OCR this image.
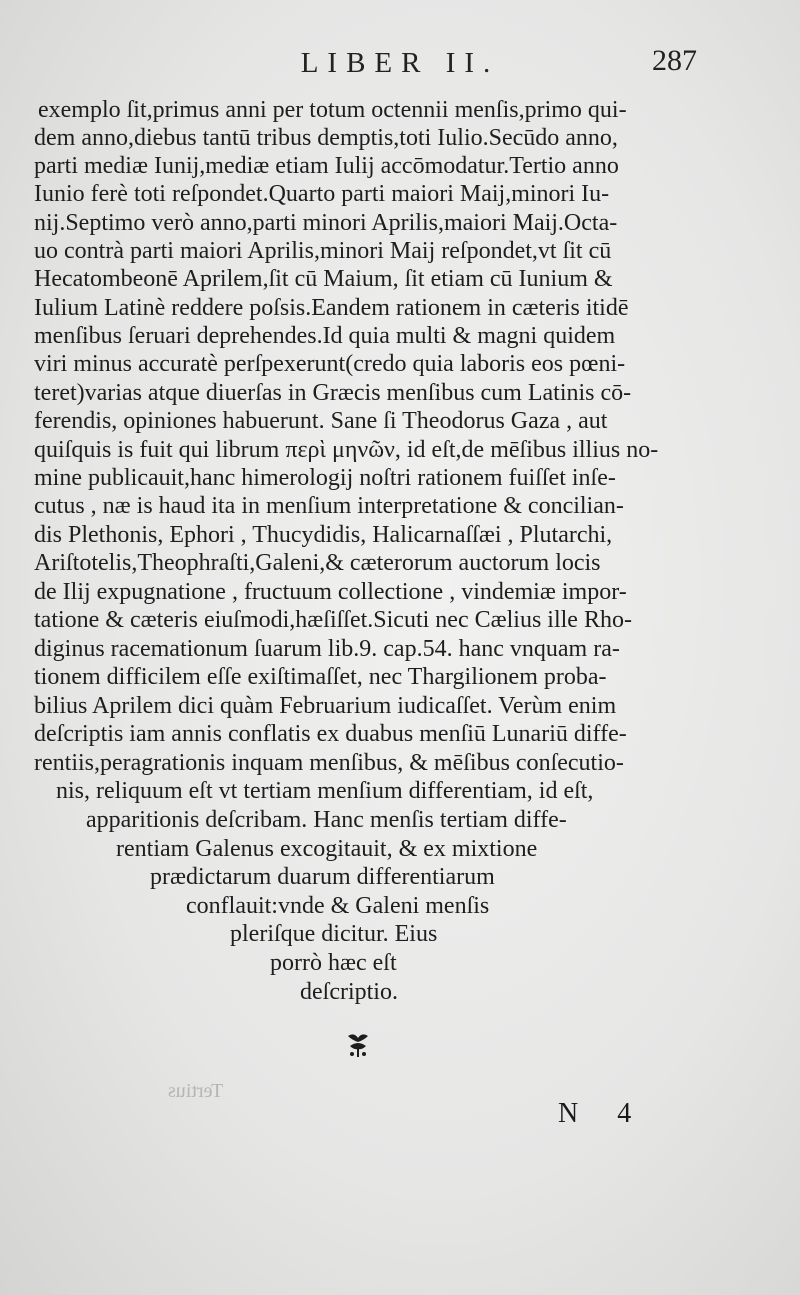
LIBER II.	287
exemplo ſit,primus anni per totum octennii menſis,primo qui-
dem anno,diebus tantū tribus demptis,toti Iulio.Secūdo anno,
parti mediæ Iunij,mediæ etiam Iulij accōmodatur.Tertio anno
Iunio ferè toti reſpondet.Quarto parti maiori Maij,minori Iu-
nij.Septimo verò anno,parti minori Aprilis,maiori Maij.Octa-
uo contrà parti maiori Aprilis,minori Maij reſpondet,vt ſit cū
Hecatombeonē Aprilem,ſit cū Maium, ſit etiam cū Iunium &
Iulium Latinè reddere poſsis.Eandem rationem in cæteris itidē
menſibus ſeruari deprehendes.Id quia multi & magni quidem
viri minus accuratè perſpexerunt(credo quia laboris eos pœni-
teret)varias atque diuerſas in Græcis menſibus cum Latinis cō-
ferendis, opiniones habuerunt. Sane ſi Theodorus Gaza , aut
quiſquis is fuit qui librum περὶ μηνῶν, id eſt,de mēſibus illius no-
mine publicauit,hanc himerologij noſtri rationem fuiſſet inſe-
cutus , næ is haud ita in menſium interpretatione & concilian-
dis Plethonis, Ephori , Thucydidis, Halicarnaſſæi , Plutarchi,
Ariſtotelis,Theophraſti,Galeni,& cæterorum auctorum locis
de Ilij expugnatione , fructuum collectione , vindemiæ impor-
tatione & cæteris eiuſmodi,hæſiſſet.Sicuti nec Cælius ille Rho-
diginus racemationum ſuarum lib.9. cap.54. hanc vnquam ra-
tionem difficilem eſſe exiſtimaſſet, nec Thargilionem proba-
bilius Aprilem dici quàm Februarium iudicaſſet. Verùm enim
deſcriptis iam annis conflatis ex duabus menſiū Lunariū diffe-
rentiis,peragrationis inquam menſibus, & mēſibus conſecutio-
nis, reliquum eſt vt tertiam menſium differentiam, id eſt,
apparitionis deſcribam. Hanc menſis tertiam diffe-
rentiam Galenus excogitauit, & ex mixtione
prædictarum duarum differentiarum
conflauit:vnde & Galeni menſis
pleriſque dicitur. Eius
porrò hæc eſt
deſcriptio.
Tertius
N 4
